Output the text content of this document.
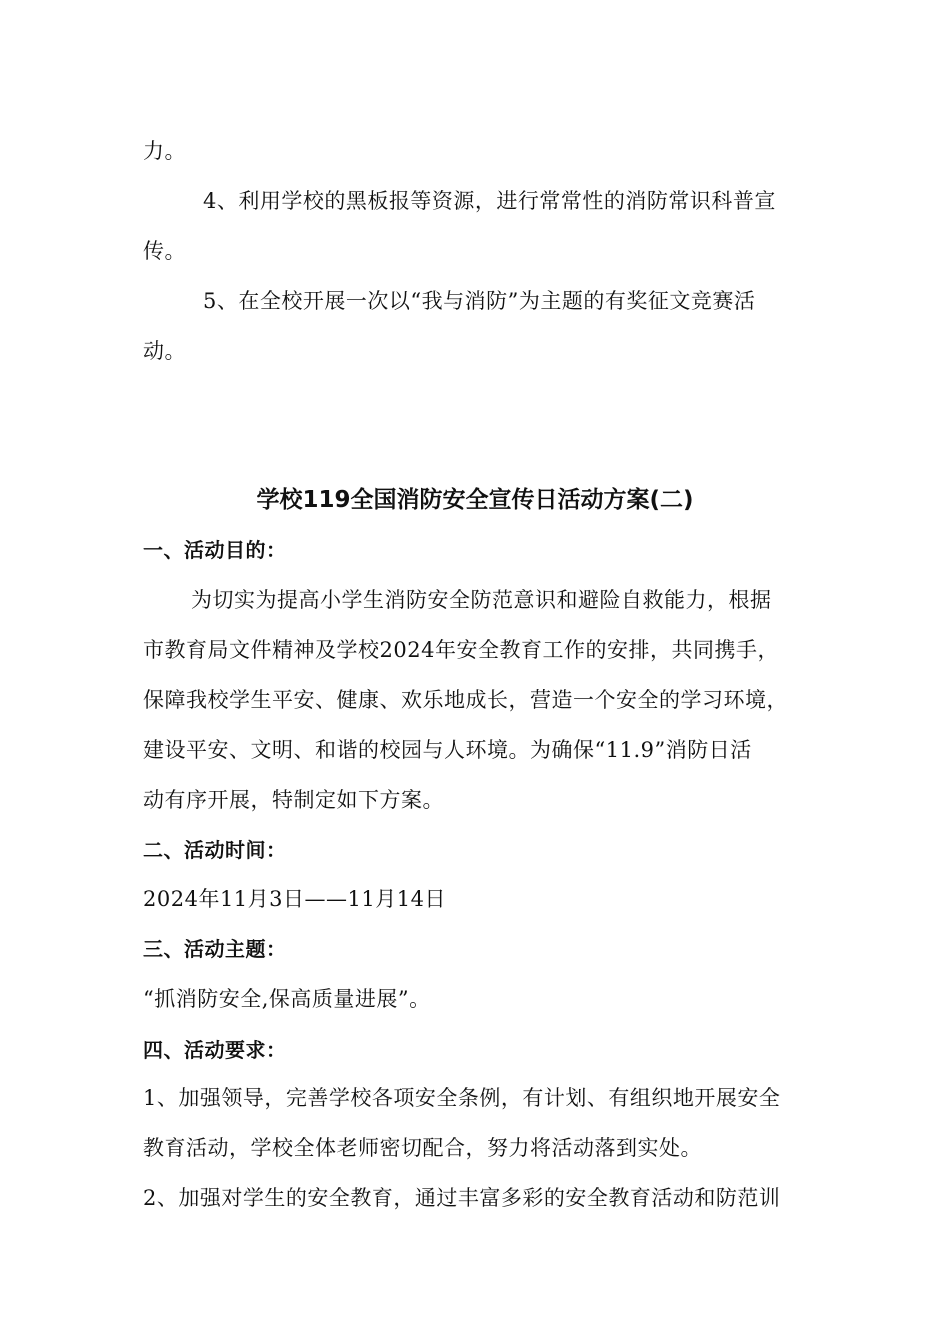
力。
4、利用学校的黑板报等资源，进行常常性的消防常识科普宣
传。
5、在全校开展一次以“我与消防”为主题的有奖征文竞赛活
动。
学校119全国消防安全宣传日活动方案(二)
一、活动目的：
为切实为提高小学生消防安全防范意识和避险自救能力，根据
市教育局文件精神及学校2024年安全教育工作的安排，共同携手，
保障我校学生平安、健康、欢乐地成长，营造一个安全的学习环境，
建设平安、文明、和谐的校园与人环境。为确保“11.9”消防日活
动有序开展，特制定如下方案。
二、活动时间：
2024年11月3日——11月14日
三、活动主题：
“抓消防安全,保高质量进展”。
四、活动要求：
1、加强领导，完善学校各项安全条例，有计划、有组织地开展安全
教育活动，学校全体老师密切配合，努力将活动落到实处。
2、加强对学生的安全教育，通过丰富多彩的安全教育活动和防范训
